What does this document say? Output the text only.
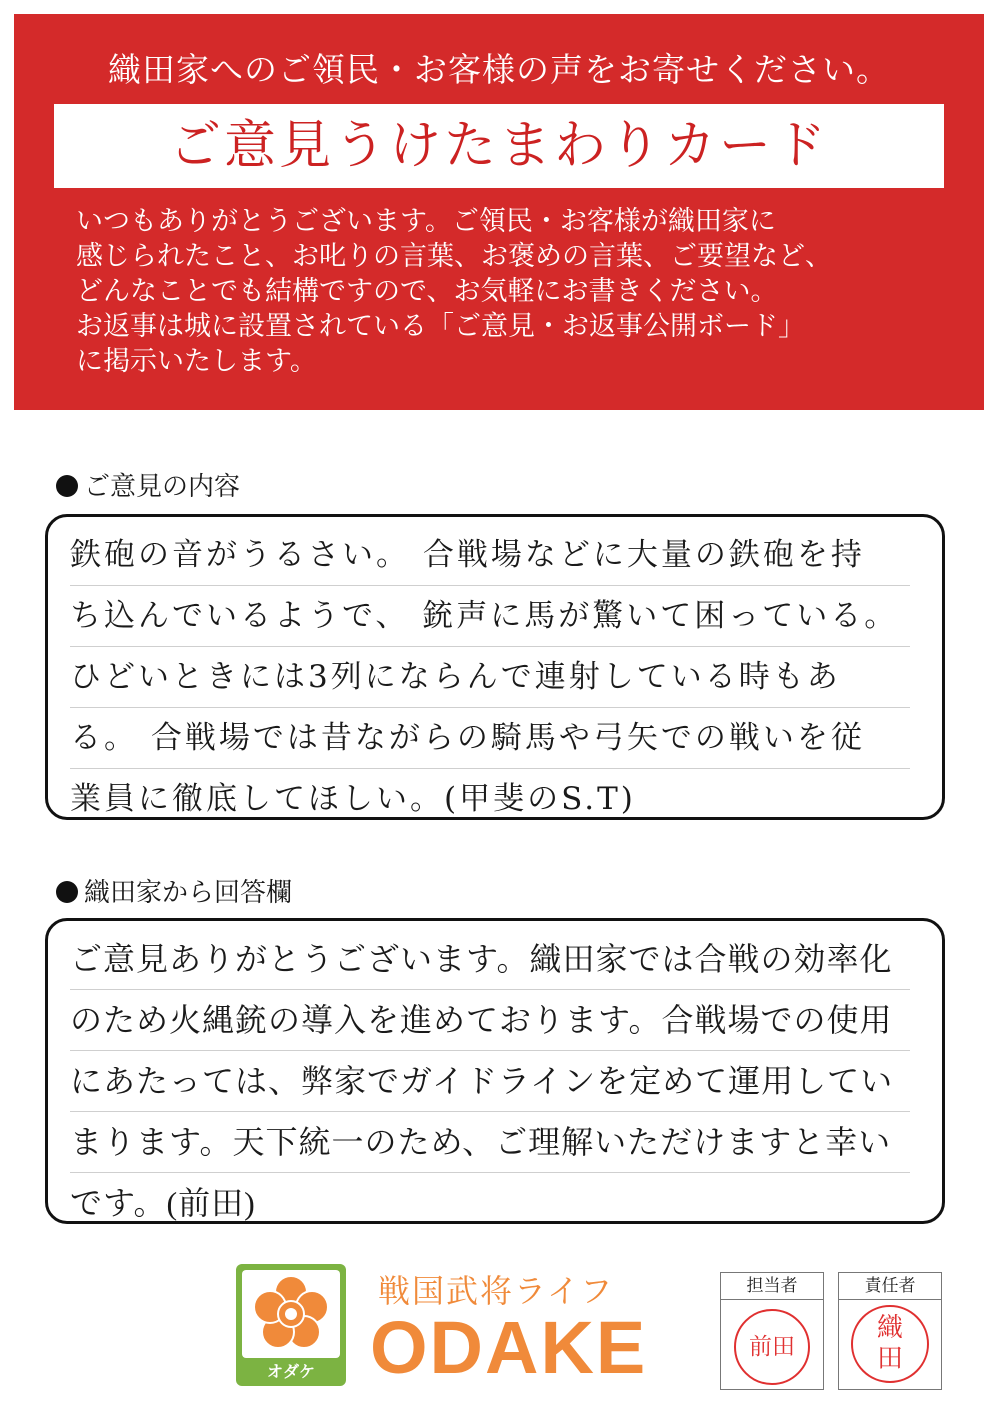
織田家へのご領民・お客様の声をお寄せください。
ご意見うけたまわりカード
いつもありがとうございます。ご領民・お客様が織田家に
感じられたこと、お叱りの言葉、お褒めの言葉、ご要望など、
どんなことでも結構ですので、お気軽にお書きください。
お返事は城に設置されている「ご意見・お返事公開ボード」
に掲示いたします。
ご意見の内容
鉄砲の音がうるさい。 合戦場などに大量の鉄砲を持
ち込んでいるようで、 銃声に馬が驚いて困っている。
ひどいときには3列にならんで連射している時もあ
る。 合戦場では昔ながらの騎馬や弓矢での戦いを従
業員に徹底してほしい。(甲斐のS.T)
織田家から回答欄
ご意見ありがとうございます。織田家では合戦の効率化
のため火縄銃の導入を進めております。合戦場での使用
にあたっては、弊家でガイドラインを定めて運用してい
まります。天下統一のため、ご理解いただけますと幸い
です。(前田)
オダケ
戦国武将ライフ
ODAKE
担当者
前田
責任者
織田
